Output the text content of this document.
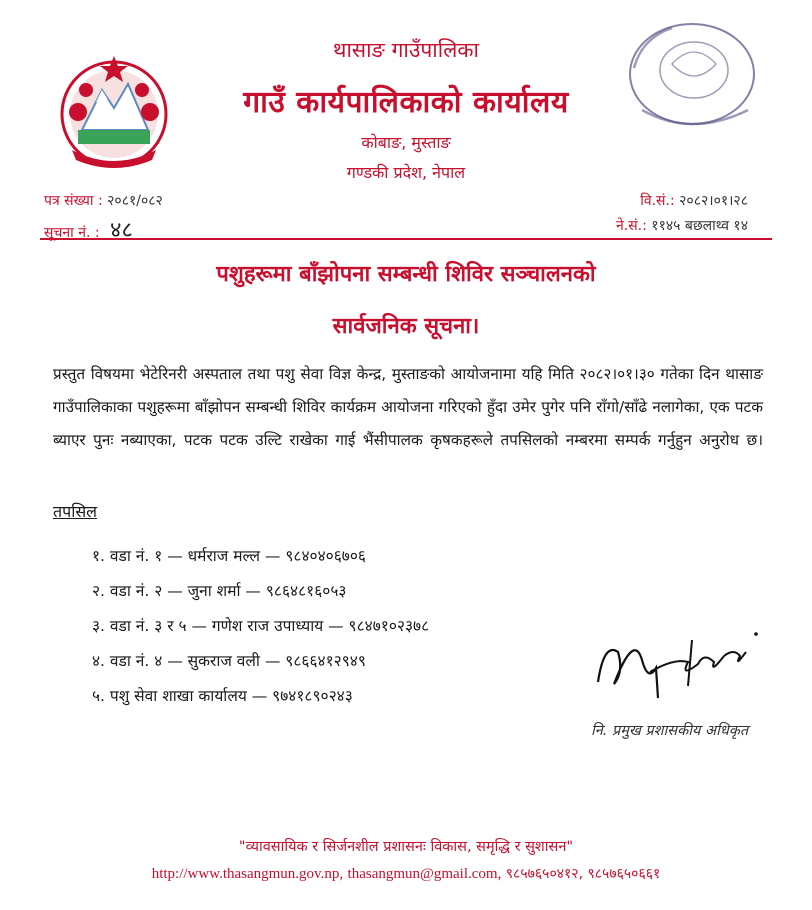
थासाङ गाउँपालिका
गाउँ कार्यपालिकाको कार्यालय
कोबाङ, मुस्ताङ
गण्डकी प्रदेश, नेपाल
पत्र संख्या : २०८१/०८२
सूचना नं. : ४८
वि.सं.: २०८२।०१।२८
ने.सं.: ११४५ बछलाथ्व १४
पशुहरूमा बाँझोपना सम्बन्धी शिविर सञ्चालनको
सार्वजनिक सूचना।
प्रस्तुत विषयमा भेटेरिनरी अस्पताल तथा पशु सेवा विज्ञ केन्द्र, मुस्ताङको आयोजनामा यहि मिति २०८२।०१।३० गतेका दिन थासाङ गाउँपालिकाका पशुहरूमा बाँझोपन सम्बन्धी शिविर कार्यक्रम आयोजना गरिएको हुँदा उमेर पुगेर पनि राँगो/साँढे नलागेका, एक पटक ब्याएर पुनः नब्याएका, पटक पटक उल्टि राखेका गाई भैंसीपालक कृषकहरूले तपसिलको नम्बरमा सम्पर्क गर्नुहुन अनुरोध छ।
तपसिल
१. वडा नं. १ — धर्मराज मल्ल — ९८४०४०६७०६
२. वडा नं. २ — जुना शर्मा — ९८६४८१६०५३
३. वडा नं. ३ र ५ — गणेश राज उपाध्याय — ९८४७१०२३७८
४. वडा नं. ४ — सुकराज वली — ९८६६४१२९४९
५. पशु सेवा शाखा कार्यालय — ९७४१८९०२४३
नि. प्रमुख प्रशासकीय अधिकृत
"व्यावसायिक र सिर्जनशील प्रशासनः विकास, समृद्धि र सुशासन"
http://www.thasangmun.gov.np, thasangmun@gmail.com, ९८५७६५०४१२, ९८५७६५०६६१
